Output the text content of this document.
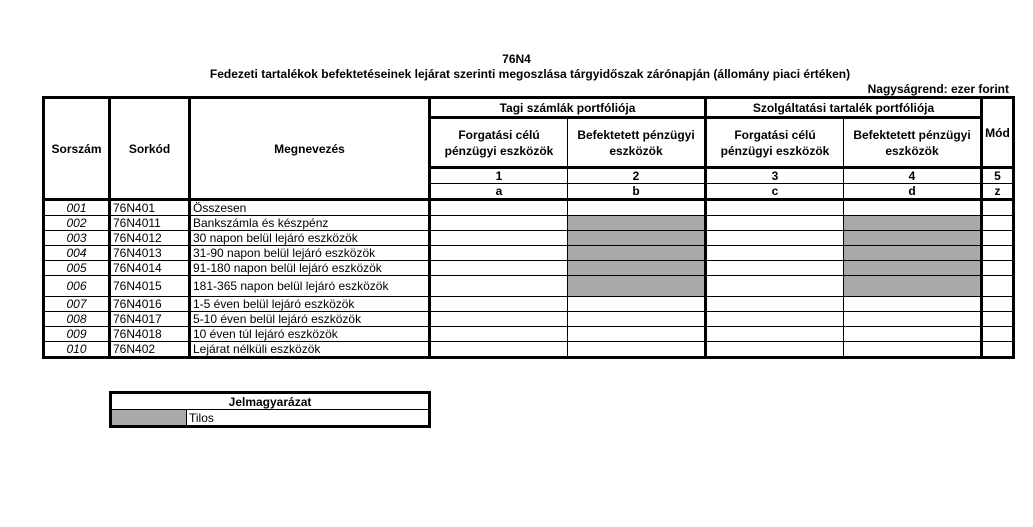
76N4
Fedezeti tartalékok befektetéseinek lejárat szerinti megoszlása tárgyidőszak zárónapján (állomány piaci értéken)
Nagyságrend: ezer forint
Sorszám	Sorkód	Megnevezés	Tagi számlák portfóliója		Szolgáltatási tartalék portfóliója		Mód
			Forgatási célú pénzügyi eszközök	Befektetett pénzügyi eszközök	Forgatási célú pénzügyi eszközök	Befektetett pénzügyi eszközök	
			1	2	3	4	5
			a	b	c	d	z
001	76N401	Összesen					
002	76N4011	Bankszámla és készpénz					
003	76N4012	30 napon belül lejáró eszközök					
004	76N4013	31-90 napon belül lejáró eszközök					
005	76N4014	91-180 napon belül lejáró eszközök					
006	76N4015	181-365 napon belül lejáró eszközök					
007	76N4016	1-5 éven belül lejáró eszközök					
008	76N4017	5-10 éven belül lejáró eszközök					
009	76N4018	10 éven túl lejáró eszközök					
010	76N402	Lejárat nélküli eszközök					
Jelmagyarázat
	Tilos
